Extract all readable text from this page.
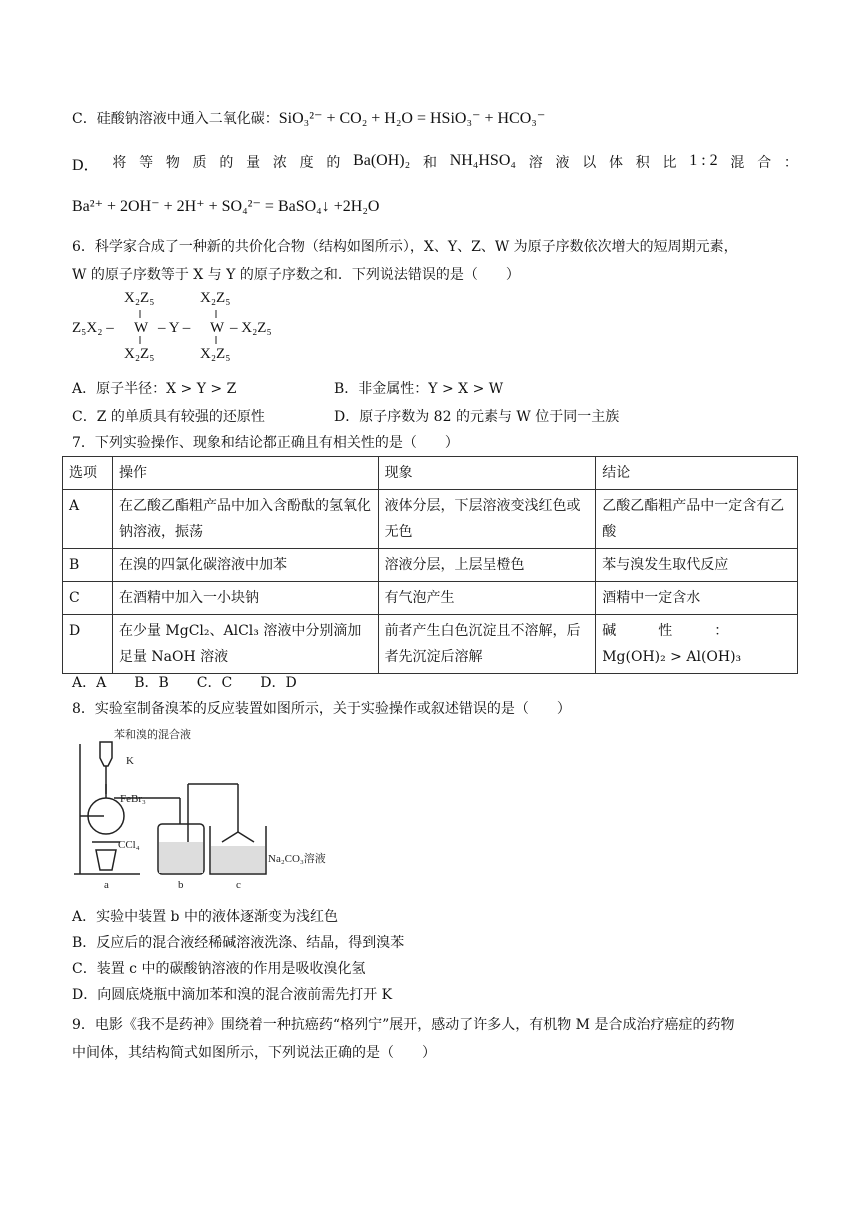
C．硅酸钠溶液中通入二氧化碳：SiO₃²⁻ + CO₂ + H₂O = HSiO₃⁻ + HCO₃⁻
D． 将 等 物 质 的 量 浓 度 的 Ba(OH)₂ 和 NH₄HSO₄ 溶 液 以 体 积 比 1 : 2 混 合 ：
Ba²⁺ + 2OH⁻ + 2H⁺ + SO₄²⁻ = BaSO₄↓ +2H₂O
6．科学家合成了一种新的共价化合物（结构如图所示），X、Y、Z、W 为原子序数依次增大的短周期元素，
W 的原子序数等于 X 与 Y 的原子序数之和．下列说法错误的是（　　）
X₂Z₅	X₂Z₅
Z₅X₂ – W – Y – W – X₂Z₅
X₂Z₅	X₂Z₅
A．原子半径：X > Y > Z	B．非金属性：Y > X > W
C．Z 的单质具有较强的还原性	D．原子序数为 82 的元素与 W 位于同一主族
7．下列实验操作、现象和结论都正确且有相关性的是（　　）
选项	操作	现象	结论
A	在乙酸乙酯粗产品中加入含酚酞的氢氧化钠溶液，振荡	液体分层，下层溶液变浅红色或无色	乙酸乙酯粗产品中一定含有乙酸
B	在溴的四氯化碳溶液中加苯	溶液分层，上层呈橙色	苯与溴发生取代反应
C	在酒精中加入一小块钠	有气泡产生	酒精中一定含水
D	在少量 MgCl₂、AlCl₃ 溶液中分别滴加足量 NaOH 溶液	前者产生白色沉淀且不溶解，后者先沉淀后溶解	碱　　　性　　　：Mg(OH)₂ > Al(OH)₃
A．A　　B．B　　C．C　　D．D
8．实验室制备溴苯的反应装置如图所示，关于实验操作或叙述错误的是（　　）
苯和溴的混合液
K
FeBr₃
CCl₄
Na₂CO₃溶液
a	b	c
A．实验中装置 b 中的液体逐渐变为浅红色
B．反应后的混合液经稀碱溶液洗涤、结晶，得到溴苯
C．装置 c 中的碳酸钠溶液的作用是吸收溴化氢
D．向圆底烧瓶中滴加苯和溴的混合液前需先打开 K
9．电影《我不是药神》围绕着一种抗癌药“格列宁”展开，感动了许多人，有机物 M 是合成治疗癌症的药物
中间体，其结构简式如图所示，下列说法正确的是（　　）
